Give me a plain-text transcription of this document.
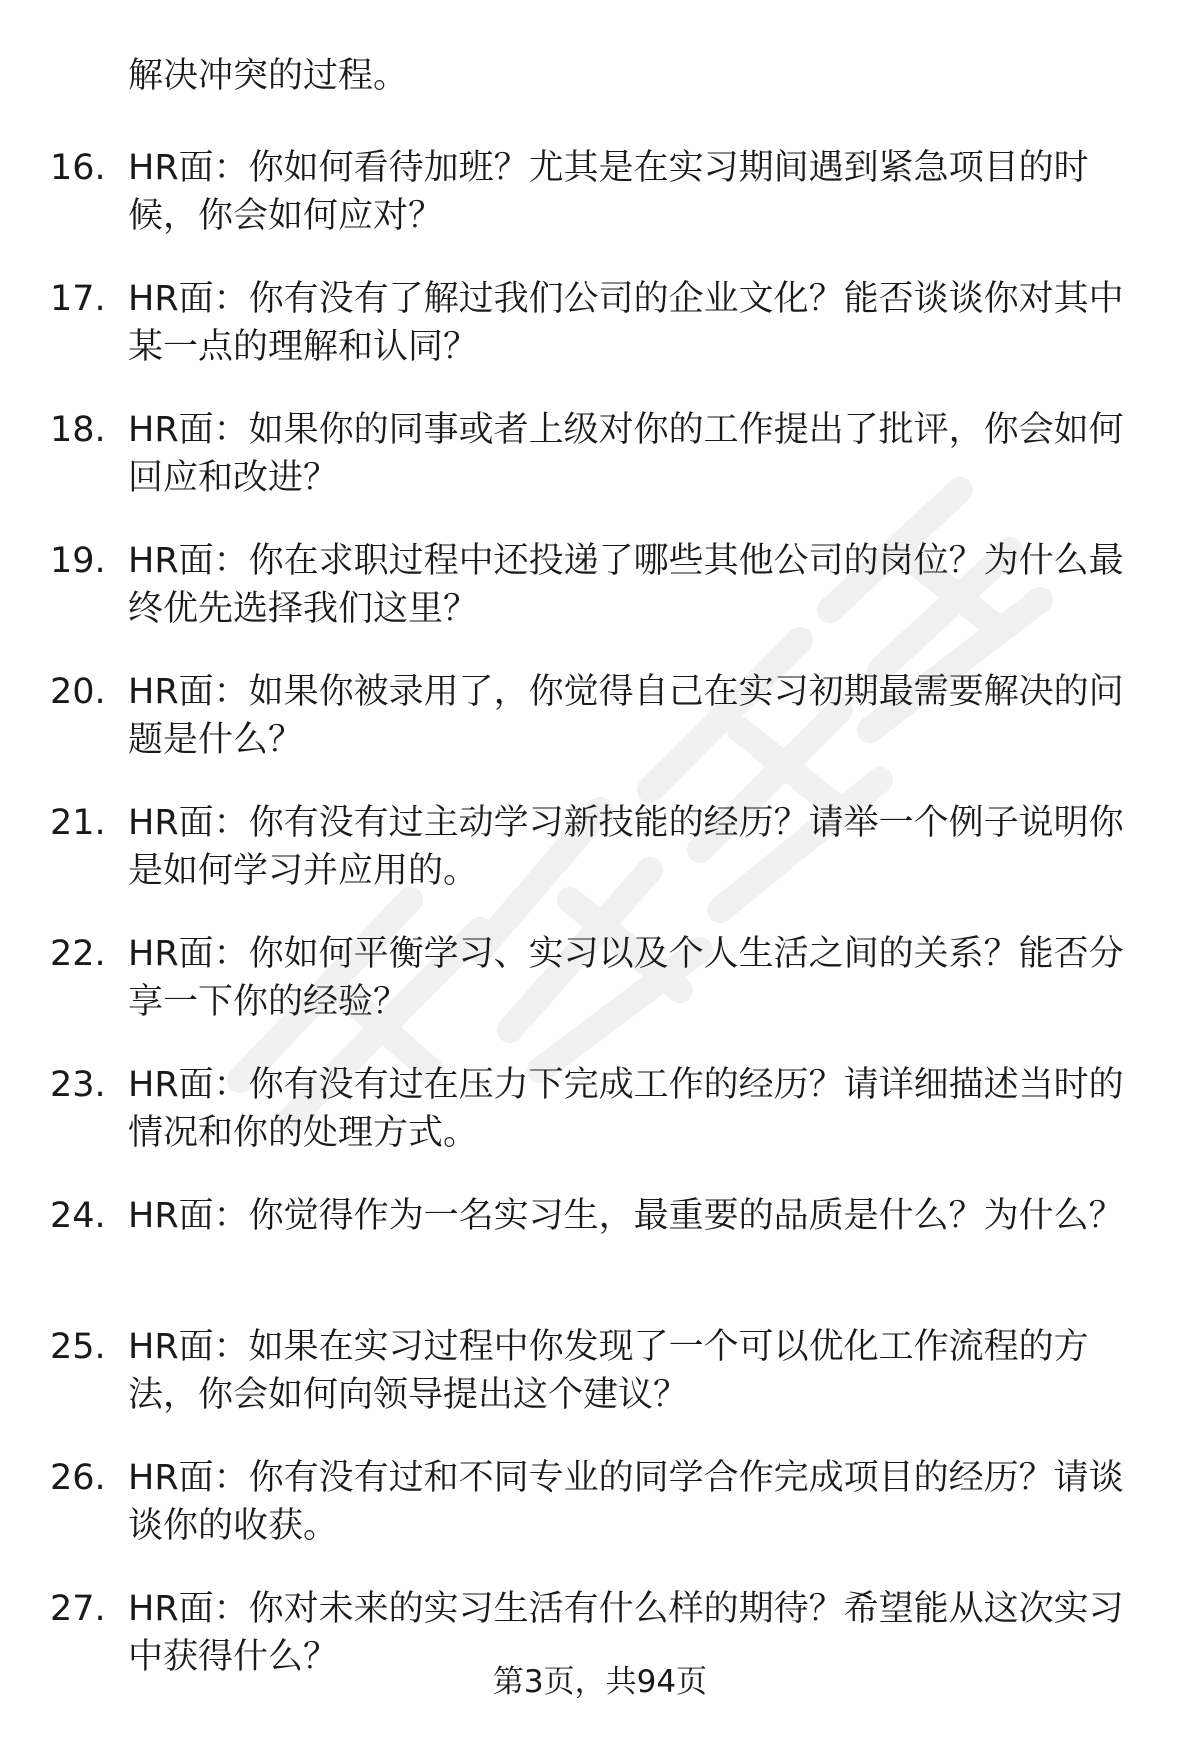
解决冲突的过程。

16. HR面：你如何看待加班？尤其是在实习期间遇到紧急项目的时候，你会如何应对？
17. HR面：你有没有了解过我们公司的企业文化？能否谈谈你对其中某一点的理解和认同？
18. HR面：如果你的同事或者上级对你的工作提出了批评，你会如何回应和改进？
19. HR面：你在求职过程中还投递了哪些其他公司的岗位？为什么最终优先选择我们这里？
20. HR面：如果你被录用了，你觉得自己在实习初期最需要解决的问题是什么？
21. HR面：你有没有过主动学习新技能的经历？请举一个例子说明你是如何学习并应用的。
22. HR面：你如何平衡学习、实习以及个人生活之间的关系？能否分享一下你的经验？
23. HR面：你有没有过在压力下完成工作的经历？请详细描述当时的情况和你的处理方式。
24. HR面：你觉得作为一名实习生，最重要的品质是什么？为什么？
25. HR面：如果在实习过程中你发现了一个可以优化工作流程的方法，你会如何向领导提出这个建议？
26. HR面：你有没有过和不同专业的同学合作完成项目的经历？请谈谈你的收获。
27. HR面：你对未来的实习生活有什么样的期待？希望能从这次实习中获得什么？
第3页，共94页
